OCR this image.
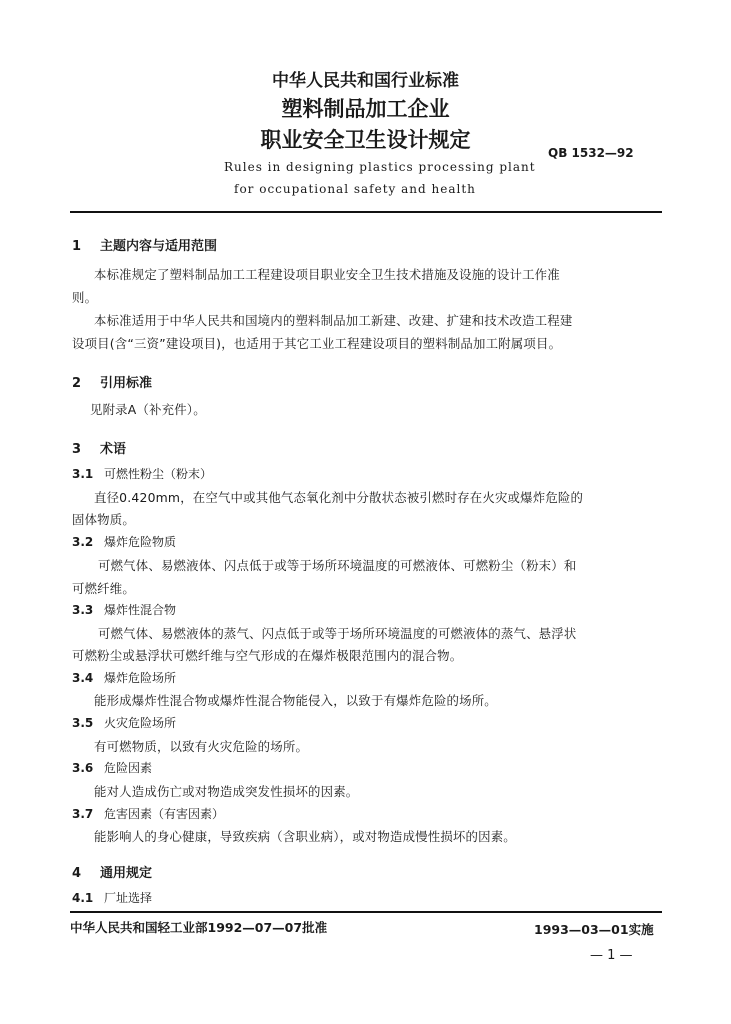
中华人民共和国行业标准
塑料制品加工企业
职业安全卫生设计规定
QB 1532—92
Rules in designing plastics processing plant
for occupational safety and health
1 主题内容与适用范围
本标准规定了塑料制品加工工程建设项目职业安全卫生技术措施及设施的设计工作准
则。
本标准适用于中华人民共和国境内的塑料制品加工新建、改建、扩建和技术改造工程建
设项目(含“三资”建设项目)，也适用于其它工业工程建设项目的塑料制品加工附属项目。
2 引用标准
见附录A（补充件）。
3 术语
3.1 可燃性粉尘（粉末）
直径0.420mm，在空气中或其他气态氧化剂中分散状态被引燃时存在火灾或爆炸危险的
固体物质。
3.2 爆炸危险物质
可燃气体、易燃液体、闪点低于或等于场所环境温度的可燃液体、可燃粉尘（粉末）和
可燃纤维。
3.3 爆炸性混合物
可燃气体、易燃液体的蒸气、闪点低于或等于场所环境温度的可燃液体的蒸气、悬浮状
可燃粉尘或悬浮状可燃纤维与空气形成的在爆炸极限范围内的混合物。
3.4 爆炸危险场所
能形成爆炸性混合物或爆炸性混合物能侵入，以致于有爆炸危险的场所。
3.5 火灾危险场所
有可燃物质，以致有火灾危险的场所。
3.6 危险因素
能对人造成伤亡或对物造成突发性损坏的因素。
3.7 危害因素（有害因素）
能影响人的身心健康，导致疾病（含职业病），或对物造成慢性损坏的因素。
4 通用规定
4.1 厂址选择
中华人民共和国轻工业部1992—07—07批准	1993—03—01实施
— 1 —
